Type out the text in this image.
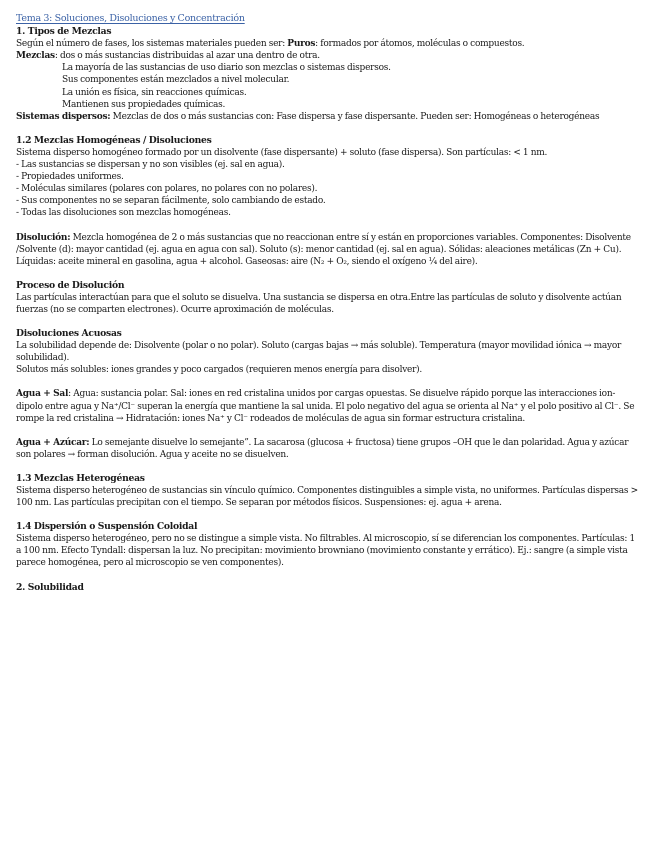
Tema 3: Soluciones, Disoluciones y Concentración
1. Tipos de Mezclas

Según el número de fases, los sistemas materiales pueden ser: Puros: formados por átomos, moléculas o compuestos.

Mezclas: dos o más sustancias distribuidas al azar una dentro de otra.

La mayoría de las sustancias de uso diario son mezclas o sistemas dispersos.
Sus componentes están mezclados a nivel molecular.
La unión es física, sin reacciones químicas.
Mantienen sus propiedades químicas.

Sistemas dispersos: Mezclas de dos o más sustancias con: Fase dispersa y fase dispersante. Pueden ser: Homogéneas o heterogéneas

1.2 Mezclas Homogéneas / Disoluciones
Sistema disperso homogéneo formado por un disolvente (fase dispersante) + soluto (fase dispersa). Son partículas: < 1 nm.
- Las sustancias se dispersan y no son visibles (ej. sal en agua).
- Propiedades uniformes.
- Moléculas similares (polares con polares, no polares con no polares).
- Sus componentes no se separan fácilmente, solo cambiando de estado.
- Todas las disoluciones son mezclas homogéneas.

Disolución: Mezcla homogénea de 2 o más sustancias que no reaccionan entre sí y están en proporciones variables. Componentes: Disolvente /Solvente (d): mayor cantidad (ej. agua en agua con sal). Soluto (s): menor cantidad (ej. sal en agua). Sólidas: aleaciones metálicas (Zn + Cu). Líquidas: aceite mineral en gasolina, agua + alcohol. Gaseosas: aire (N₂ + O₂, siendo el oxígeno ¼ del aire).

Proceso de Disolución

Las partículas interactúan para que el soluto se disuelva. Una sustancia se dispersa en otra.Entre las partículas de soluto y disolvente actúan fuerzas (no se comparten electrones). Ocurre aproximación de moléculas.

Disoluciones Acuosas

La solubilidad depende de: Disolvente (polar o no polar). Soluto (cargas bajas → más soluble). Temperatura (mayor movilidad iónica → mayor solubilidad).

Solutos más solubles: iones grandes y poco cargados (requieren menos energía para disolver).

Agua + Sal: Agua: sustancia polar. Sal: iones en red cristalina unidos por cargas opuestas. Se disuelve rápido porque las interacciones ion-dipolo entre agua y Na⁺/Cl⁻ superan la energía que mantiene la sal unida. El polo negativo del agua se orienta al Na⁺ y el polo positivo al Cl⁻. Se rompe la red cristalina → Hidratación: iones Na⁺ y Cl⁻ rodeados de moléculas de agua sin formar estructura cristalina.

Agua + Azúcar: Lo semejante disuelve lo semejante”. La sacarosa (glucosa + fructosa) tiene grupos –OH que le dan polaridad. Agua y azúcar son polares → forman disolución. Agua y aceite no se disuelven.

1.3 Mezclas Heterogéneas

Sistema disperso heterogéneo de sustancias sin vínculo químico. Componentes distinguibles a simple vista, no uniformes. Partículas dispersas > 100 nm. Las partículas precipitan con el tiempo. Se separan por métodos físicos. Suspensiones: ej. agua + arena.

1.4 Dispersión o Suspensión Coloidal

Sistema disperso heterogéneo, pero no se distingue a simple vista. No filtrables. Al microscopio, sí se diferencian los componentes. Partículas: 1 a 100 nm. Efecto Tyndall: dispersan la luz. No precipitan: movimiento browniano (movimiento constante y errático). Ej.: sangre (a simple vista parece homogénea, pero al microscopio se ven componentes).

2. Solubilidad
